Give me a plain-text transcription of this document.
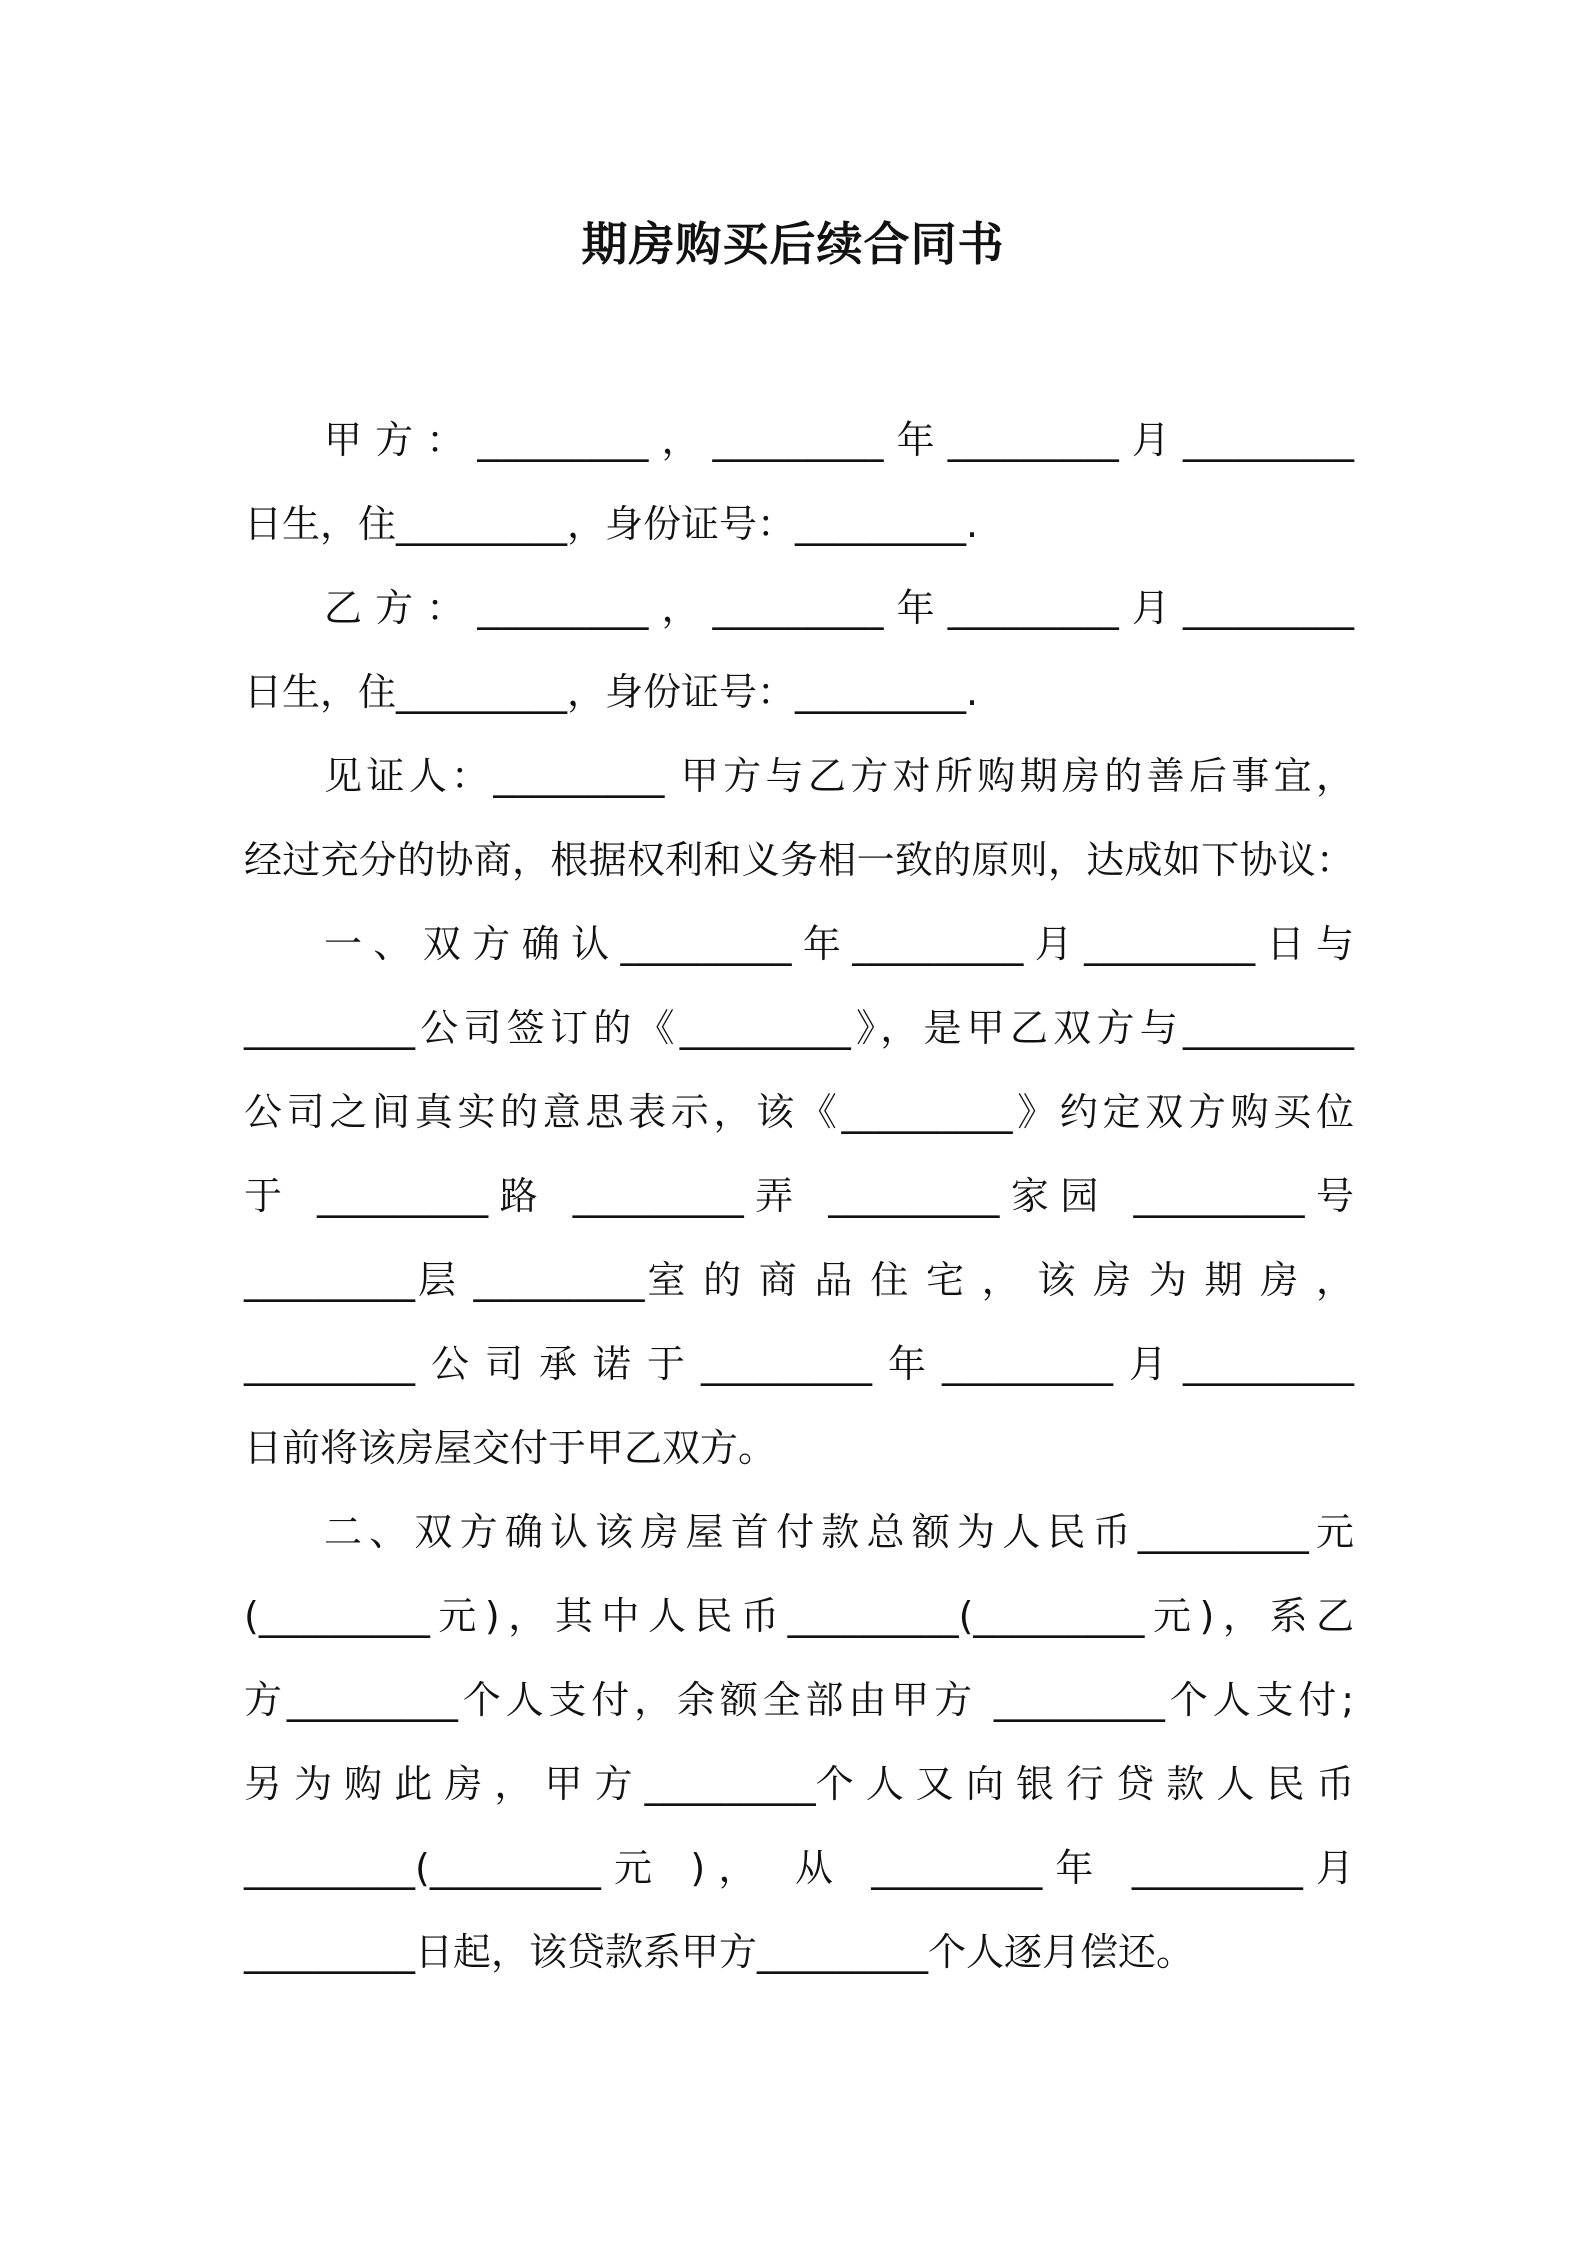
期房购买后续合同书
甲方：_________，_________年_________月_________
日生，住_________，身份证号：_________.
乙方：_________，_________年_________月_________
日生，住_________，身份证号：_________.
见证人：_________ 甲方与乙方对所购期房的善后事宜，
经过充分的协商，根据权利和义务相一致的原则，达成如下协议：
一、双方确认_________年_________月_________日与
_________公司签订的《_________》，是甲乙双方与_________
公司之间真实的意思表示，该《_________》约定双方购买位
于 _________路 _________弄 _________家园 _________号
_________层 _________室 的 商 品 住 宅 ， 该 房 为 期 房 ，
_________公司承诺于_________年_________月_________
日前将该房屋交付于甲乙双方。
二、双方确认该房屋首付款总额为人民币_________元
(_________元)，其中人民币_________(_________元)，系乙
方_________个人支付，余额全部由甲方 _________个人支付;
另 为 购 此 房 ， 甲 方 _________个 人 又 向 银 行 贷 款 人 民 币
_________(_________元 )， 从 _________年 _________月
_________日起，该贷款系甲方_________个人逐月偿还。
